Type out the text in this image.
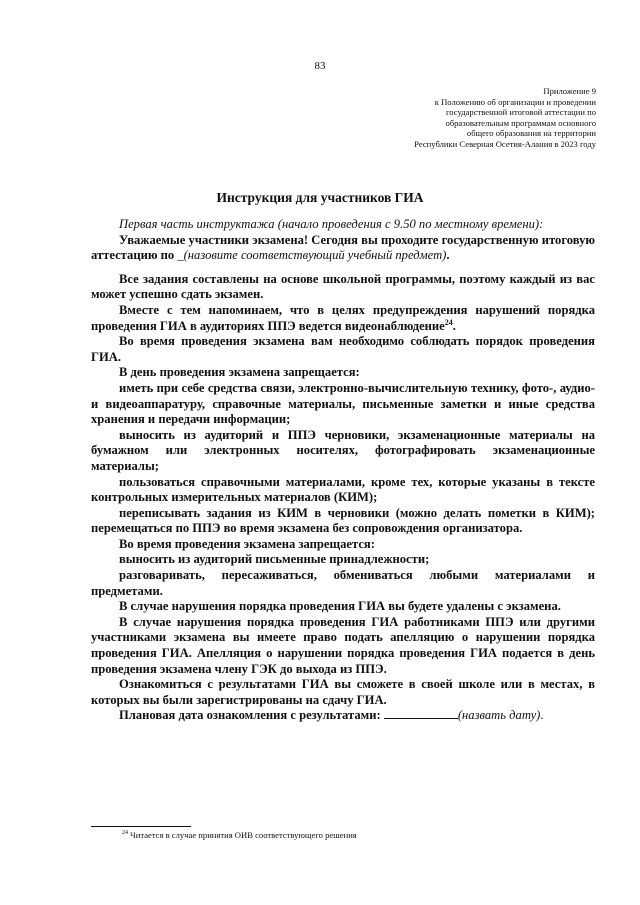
83
Приложение 9
к Положению об организации и проведении
государственной итоговой аттестации по
образовательным программам основного
общего образования на территории
Республики Северная Осетия-Алания в 2023 году
Инструкция для участников ГИА

Первая часть инструктажа (начало проведения с 9.50 по местному времени):

Уважаемые участники экзамена! Сегодня вы проходите государственную итоговую аттестацию по _(назовите соответствующий учебный предмет).

Все задания составлены на основе школьной программы, поэтому каждый из вас может успешно сдать экзамен.

Вместе с тем напоминаем, что в целях предупреждения нарушений порядка проведения ГИА в аудиториях ППЭ ведется видеонаблюдение$^{24}$.

Во время проведения экзамена вам необходимо соблюдать порядок проведения ГИА.

В день проведения экзамена запрещается:

иметь при себе средства связи, электронно-вычислительную технику, фото-, аудио- и видеоаппаратуру, справочные материалы, письменные заметки и иные средства хранения и передачи информации;

выносить из аудиторий и ППЭ черновики, экзаменационные материалы на бумажном или электронных носителях, фотографировать экзаменационные материалы;

пользоваться справочными материалами, кроме тех, которые указаны в тексте контрольных измерительных материалов (КИМ);

переписывать задания из КИМ в черновики (можно делать пометки в КИМ); перемещаться по ППЭ во время экзамена без сопровождения организатора.

Во время проведения экзамена запрещается:

выносить из аудиторий письменные принадлежности;

разговаривать, пересаживаться, обмениваться любыми материалами и предметами.

В случае нарушения порядка проведения ГИА вы будете удалены с экзамена.

В случае нарушения порядка проведения ГИА работниками ППЭ или другими участниками экзамена вы имеете право подать апелляцию о нарушении порядка проведения ГИА. Апелляция о нарушении порядка проведения ГИА подается в день проведения экзамена члену ГЭК до выхода из ППЭ.

Ознакомиться с результатами ГИА вы сможете в своей школе или в местах, в которых вы были зарегистрированы на сдачу ГИА.

Плановая дата ознакомления с результатами:	(назвать дату).

$^{24}$ Читается в случае принятия ОИВ соответствующего решения
